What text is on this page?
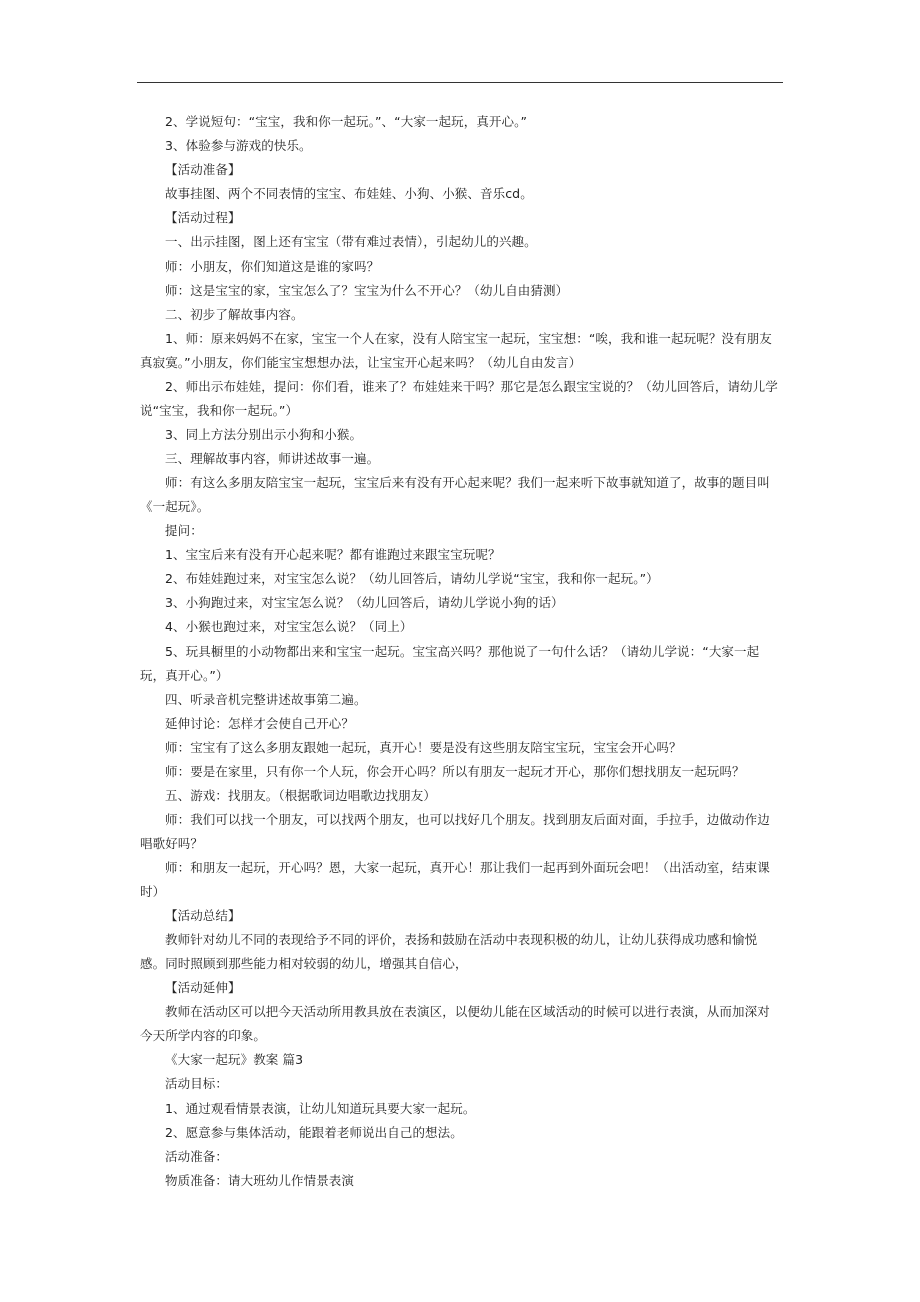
2、学说短句：“宝宝，我和你一起玩。”、“大家一起玩，真开心。”

3、体验参与游戏的快乐。

【活动准备】

故事挂图、两个不同表情的宝宝、布娃娃、小狗、小猴、音乐cd。

【活动过程】

一、出示挂图，图上还有宝宝（带有难过表情），引起幼儿的兴趣。

师：小朋友，你们知道这是谁的家吗？

师：这是宝宝的家，宝宝怎么了？宝宝为什么不开心？（幼儿自由猜测）

二、初步了解故事内容。

1、师：原来妈妈不在家，宝宝一个人在家，没有人陪宝宝一起玩，宝宝想：“唉，我和谁一起玩呢？没有朋友真寂寞。”小朋友，你们能宝宝想想办法，让宝宝开心起来吗？（幼儿自由发言）

2、师出示布娃娃，提问：你们看，谁来了？布娃娃来干吗？那它是怎么跟宝宝说的？（幼儿回答后，请幼儿学说“宝宝，我和你一起玩。”）

3、同上方法分别出示小狗和小猴。

三、理解故事内容，师讲述故事一遍。

师：有这么多朋友陪宝宝一起玩，宝宝后来有没有开心起来呢？我们一起来听下故事就知道了，故事的题目叫《一起玩》。

提问：

1、宝宝后来有没有开心起来呢？都有谁跑过来跟宝宝玩呢？

2、布娃娃跑过来，对宝宝怎么说？（幼儿回答后，请幼儿学说“宝宝，我和你一起玩。”）

3、小狗跑过来，对宝宝怎么说？（幼儿回答后，请幼儿学说小狗的话）

4、小猴也跑过来，对宝宝怎么说？（同上）

5、玩具橱里的小动物都出来和宝宝一起玩。宝宝高兴吗？那他说了一句什么话？（请幼儿学说：“大家一起玩，真开心。”）

四、听录音机完整讲述故事第二遍。

延伸讨论：怎样才会使自己开心？

师：宝宝有了这么多朋友跟她一起玩，真开心！要是没有这些朋友陪宝宝玩，宝宝会开心吗？

师：要是在家里，只有你一个人玩，你会开心吗？所以有朋友一起玩才开心，那你们想找朋友一起玩吗？

五、游戏：找朋友。（根据歌词边唱歌边找朋友）

师：我们可以找一个朋友，可以找两个朋友，也可以找好几个朋友。找到朋友后面对面，手拉手，边做动作边唱歌好吗？

师：和朋友一起玩，开心吗？恩，大家一起玩，真开心！那让我们一起再到外面玩会吧！（出活动室，结束课时）

【活动总结】

教师针对幼儿不同的表现给予不同的评价，表扬和鼓励在活动中表现积极的幼儿，让幼儿获得成功感和愉悦感。同时照顾到那些能力相对较弱的幼儿，增强其自信心，

【活动延伸】

教师在活动区可以把今天活动所用教具放在表演区，以便幼儿能在区域活动的时候可以进行表演，从而加深对今天所学内容的印象。

《大家一起玩》教案 篇3

活动目标：

1、通过观看情景表演，让幼儿知道玩具要大家一起玩。

2、愿意参与集体活动，能跟着老师说出自己的想法。

活动准备：

物质准备：请大班幼儿作情景表演
